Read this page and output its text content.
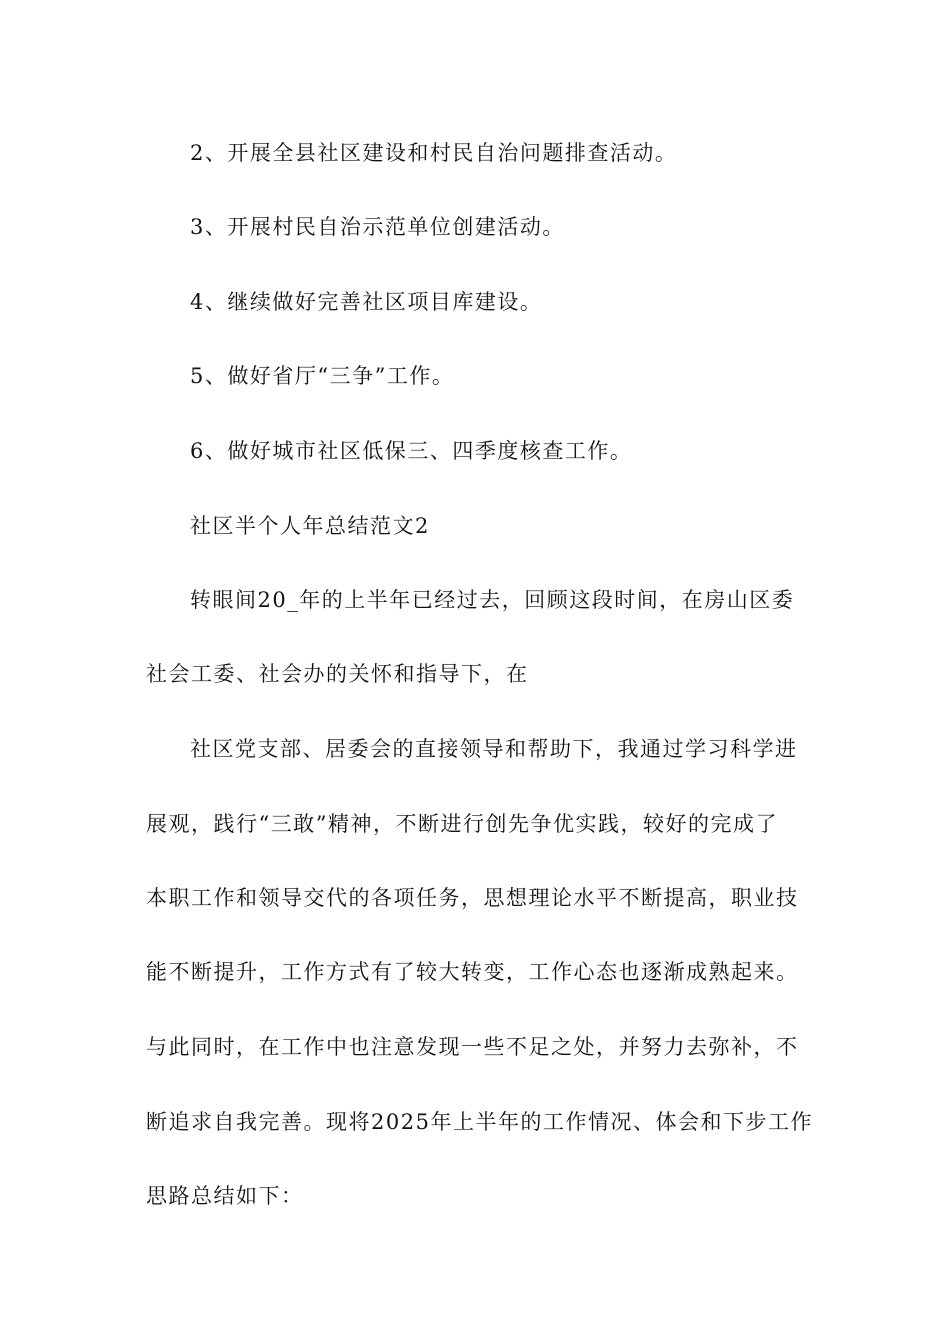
2、开展全县社区建设和村民自治问题排查活动。
3、开展村民自治示范单位创建活动。
4、继续做好完善社区项目库建设。
5、做好省厅“三争”工作。
6、做好城市社区低保三、四季度核查工作。
社区半个人年总结范文2
转眼间20_年的上半年已经过去，回顾这段时间，在房山区委
社会工委、社会办的关怀和指导下，在
社区党支部、居委会的直接领导和帮助下，我通过学习科学进
展观，践行“三敢”精神，不断进行创先争优实践，较好的完成了
本职工作和领导交代的各项任务，思想理论水平不断提高，职业技
能不断提升，工作方式有了较大转变，工作心态也逐渐成熟起来。
与此同时，在工作中也注意发现一些不足之处，并努力去弥补，不
断追求自我完善。现将2025年上半年的工作情况、体会和下步工作
思路总结如下：
